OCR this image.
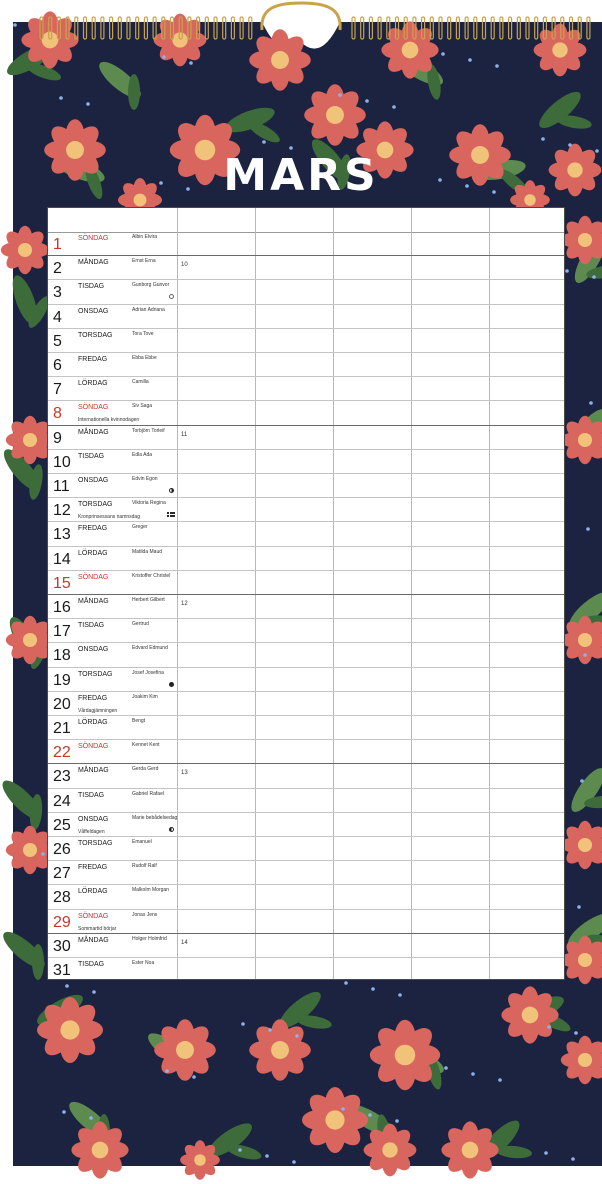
MARS
1 SÖNDAG	Albin Elvira
2 MÅNDAG	Ernst Erna
10
3 TISDAG	Gunborg Gunvor
4 ONSDAG	Adrian Adriana
5 TORSDAG	Tora Tove
6 FREDAG	Ebba Ebbe
7 LÖRDAG	Camilla
8 SÖNDAG	Siv Saga
Internationella kvinnodagen
9 MÅNDAG	Torbjörn Torleif
11
10 TISDAG	Edla Ada
11 ONSDAG	Edvin Egon
12 TORSDAG	Viktoria Regina
Kronprinsessans namnsdag
13 FREDAG	Greger
14 LÖRDAG	Matilda Maud
15 SÖNDAG	Kristoffer Christel
16 MÅNDAG	Herbert Gilbert
12
17 TISDAG	Gertrud
18 ONSDAG	Edvard Edmund
19 TORSDAG	Josef Josefina
20 FREDAG	Joakim Kim
Vårdagjämningen
21 LÖRDAG	Bengt
22 SÖNDAG	Kennet Kent
23 MÅNDAG	Gerda Gerd
13
24 TISDAG	Gabriel Rafael
25 ONSDAG	Marie bebådelsedag
Våffeldagen
26 TORSDAG	Emanuel
27 FREDAG	Rudolf Ralf
28 LÖRDAG	Malkolm Morgan
29 SÖNDAG	Jonas Jens
Sommartid börjar
30 MÅNDAG	Holger Holmfrid
14
31 TISDAG	Ester Noa
